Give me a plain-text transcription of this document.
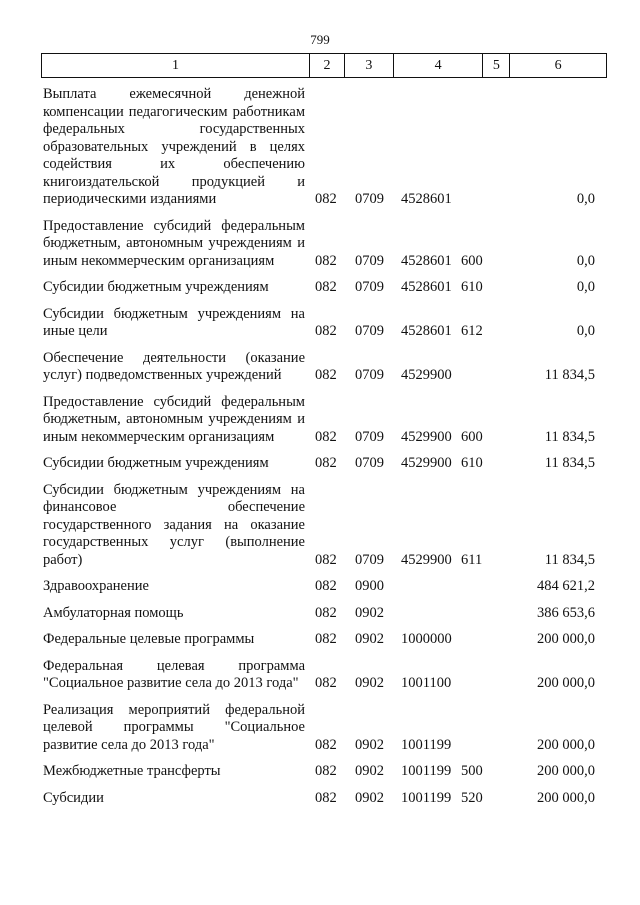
799
1	2	3	4	5	6
Выплата ежемесячной денежной компенсации педагогическим работникам федеральных государственных образовательных учреждений в целях содействия их обеспечению книгоиздательской продукцией и периодическими изданиями	082	0709	4528601	0,0
Предоставление субсидий федеральным бюджетным, автономным учреждениям и иным некоммерческим организациям	082	0709	4528601 600	0,0
Субсидии бюджетным учреждениям	082	0709	4528601 610	0,0
Субсидии бюджетным учреждениям на иные цели	082	0709	4528601 612	0,0
Обеспечение деятельности (оказание услуг) подведомственных учреждений	082	0709	4529900	11 834,5
Предоставление субсидий федеральным бюджетным, автономным учреждениям и иным некоммерческим организациям	082	0709	4529900 600	11 834,5
Субсидии бюджетным учреждениям	082	0709	4529900 610	11 834,5
Субсидии бюджетным учреждениям на финансовое обеспечение государственного задания на оказание государственных услуг (выполнение работ)	082	0709	4529900 611	11 834,5
Здравоохранение	082	0900	484 621,2
Амбулаторная помощь	082	0902	386 653,6
Федеральные целевые программы	082	0902	1000000	200 000,0
Федеральная целевая программа "Социальное развитие села до 2013 года"	082	0902	1001100	200 000,0
Реализация мероприятий федеральной целевой программы "Социальное развитие села до 2013 года"	082	0902	1001199	200 000,0
Межбюджетные трансферты	082	0902	1001199 500	200 000,0
Субсидии	082	0902	1001199 520	200 000,0
